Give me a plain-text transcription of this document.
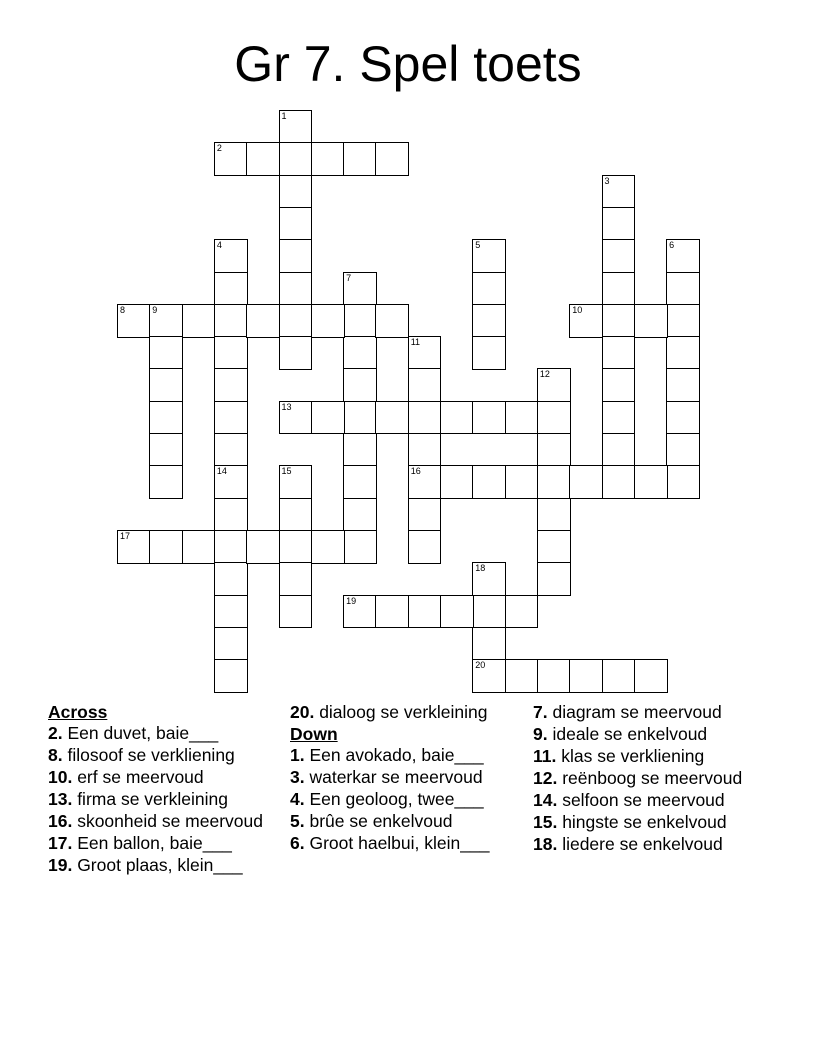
Gr 7. Spel toets
1
2
3
4	5	6
7
8	9	10
11
16
12
13
14	15
17
18
20
19
Across
2. Een duvet, baie___
8. filosoof se verkliening
10. erf se meervoud
13. firma se verkleining
16. skoonheid se meervoud
17. Een ballon, baie___
19. Groot plaas, klein___
20. dialoog se verkleining
Down
1. Een avokado, baie___
3. waterkar se meervoud
4. Een geoloog, twee___
5. brûe se enkelvoud
6. Groot haelbui, klein___
7. diagram se meervoud
9. ideale se enkelvoud
11. klas se verkliening
12. reënboog se meervoud
14. selfoon se meervoud
15. hingste se enkelvoud
18. liedere se enkelvoud
